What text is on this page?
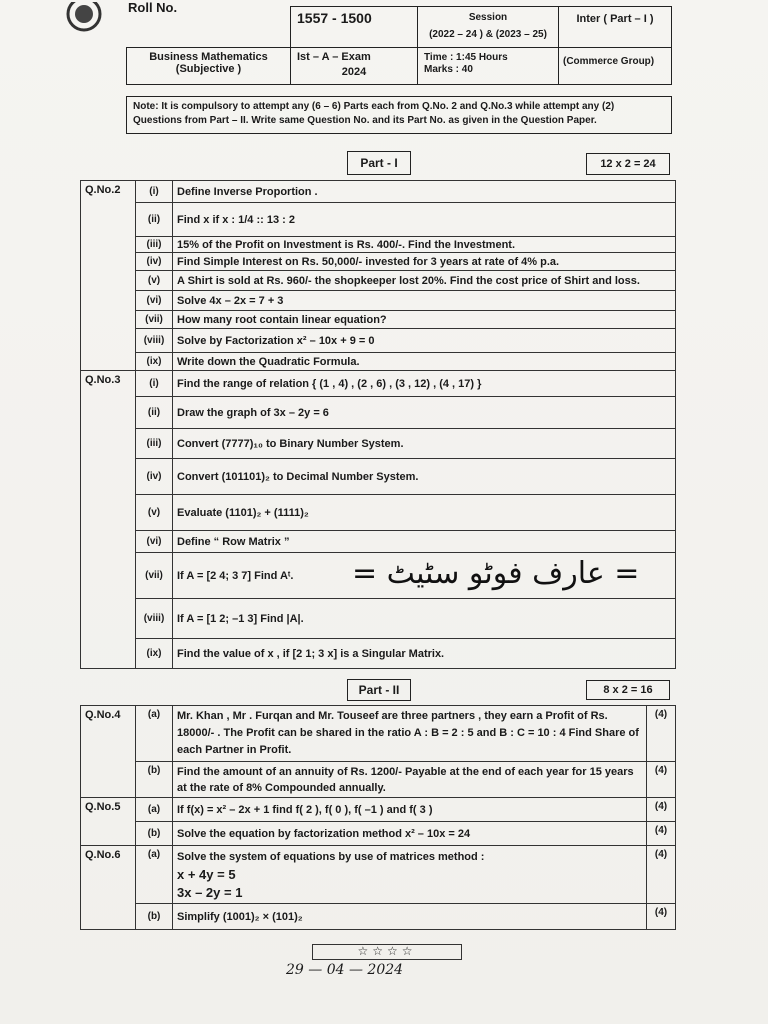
Roll No.
1557 - 1500	Session
(2022 – 24 ) & (2023 – 25)
Inter ( Part – I )
Business Mathematics
(Subjective )
Ist – A – Exam
2024
Time : 1:45 Hours
Marks : 40
(Commerce Group)
Note: It is compulsory to attempt any (6 – 6) Parts each from Q.No. 2 and Q.No.3 while attempt any (2) Questions from Part – II. Write same Question No. and its Part No. as given in the Question Paper.
Part - I	12 x 2 = 24
Q.No.2	(i)	Define Inverse Proportion .
	(ii)	Find x if x : 1/4 :: 13 : 2
	(iii)	15% of the Profit on Investment is Rs. 400/-. Find the Investment.
	(iv)	Find Simple Interest on Rs. 50,000/- invested for 3 years at rate of 4% p.a.
	(v)	A Shirt is sold at Rs. 960/- the shopkeeper lost 20%. Find the cost price of Shirt and loss.
	(vi)	Solve 4x – 2x = 7 + 3
	(vii)	How many root contain linear equation?
	(viii)	Solve by Factorization x² – 10x + 9 = 0
	(ix)	Write down the Quadratic Formula.
Q.No.3	(i)	Find the range of relation { (1 , 4) , (2 , 6) , (3 , 12) , (4 , 17) }
	(ii)	Draw the graph of 3x – 2y = 6
	(iii)	Convert (7777)₁₀ to Binary Number System.
	(iv)	Convert (101101)₂ to Decimal Number System.
	(v)	Evaluate (1101)₂ + (1111)₂
	(vi)	Define “ Row Matrix ”
	(vii)	If A = [2 4; 3 7] Find Aᵗ.
	(viii)	If A = [1 2; –1 3] Find |A|.
	(ix)	Find the value of x , if [2 1; 3 x] is a Singular Matrix.
= عارف فوٹو سٹیٹ =
Part - II	8 x 2 = 16
Q.No.4	(a)	Mr. Khan , Mr . Furqan and Mr. Touseef are three partners , they earn a Profit of Rs. 18000/- . The Profit can be shared in the ratio A : B = 2 : 5 and B : C = 10 : 4 Find Share of each Partner in Profit.	(4)
	(b)	Find the amount of an annuity of Rs. 1200/- Payable at the end of each year for 15 years at the rate of 8% Compounded annually.	(4)
Q.No.5	(a)	If f(x) = x² – 2x + 1 find f( 2 ), f( 0 ), f( –1 ) and f( 3 )	(4)
	(b)	Solve the equation by factorization method x² – 10x = 24	(4)
Q.No.6	(a)	Solve the system of equations by use of matrices method :
x + 4y = 5
3x – 2y = 1	(4)
	(b)	Simplify (1001)₂ × (101)₂	(4)
☆☆☆☆
29 — 04 — 2024
